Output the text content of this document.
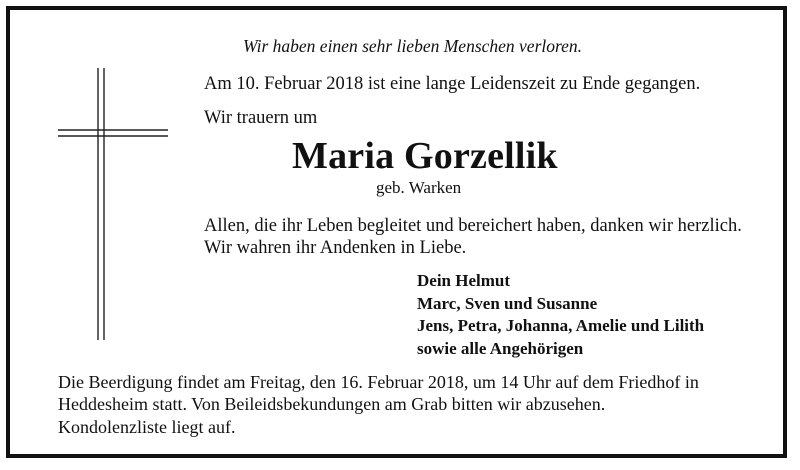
Wir haben einen sehr lieben Menschen verloren.
Am 10. Februar 2018 ist eine lange Leidenszeit zu Ende gegangen.
Wir trauern um
Maria Gorzellik
geb. Warken
Allen, die ihr Leben begleitet und bereichert haben, danken wir herzlich.
Wir wahren ihr Andenken in Liebe.
Dein Helmut
Marc, Sven und Susanne
Jens, Petra, Johanna, Amelie und Lilith
sowie alle Angehörigen
Die Beerdigung findet am Freitag, den 16. Februar 2018, um 14 Uhr auf dem Friedhof in
Heddesheim statt. Von Beileidsbekundungen am Grab bitten wir abzusehen.
Kondolenzliste liegt auf.
